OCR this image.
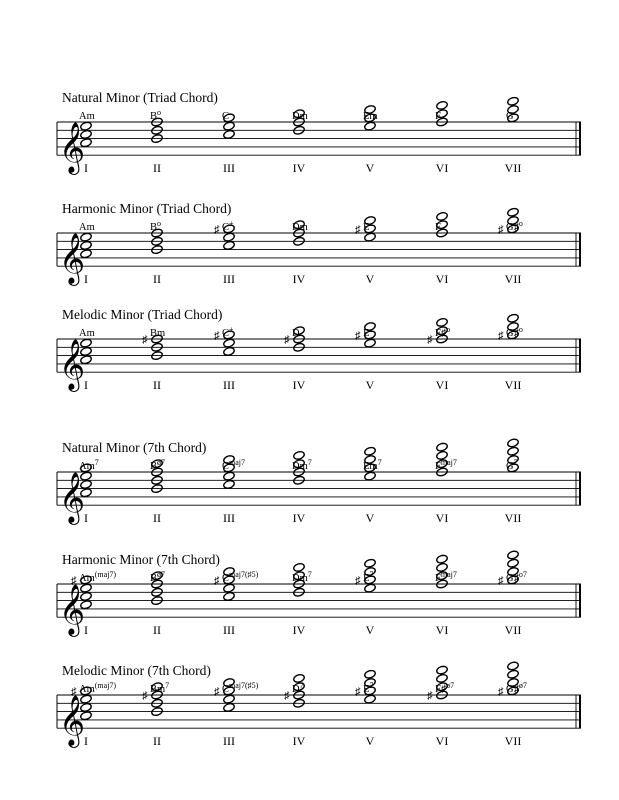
Natural Minor (Triad Chord)
𝄞
Am
I
$B^o$
II
C
III
Dm
IV
Em
V
F
VI
G
VII
Harmonic Minor (Triad Chord)
𝄞
Am
I
$B^o$
II
C+
♯
III
Dm
IV
E
♯
V
F
VI
G♯$^o$
♯
VII
Melodic Minor (Triad Chord)
𝄞
Am
I
Bm
♯
II
C+
♯
III
D
♯
IV
E
♯
V
F♯$^o$
♯
VI
G♯$^o$
♯
VII
Natural Minor (7th Chord)
𝄞
Am$^7$
I
$B^{ø7}$
II
$C^{maj7}$
III
Dm$^7$
IV
Em$^7$
V
$F^{maj7}$
VI
$G^7$
VII
Harmonic Minor (7th Chord)
𝄞
$Am^{(maj7)}$
♯
I
$B^{ø7}$
II
$C^{maj7(♯5)}$
♯
III
Dm$^7$
IV
$E^7$
♯
V
$F^{maj7}$
VI
G♯$^{o7}$
♯
VII
Melodic Minor (7th Chord)
𝄞
$Am^{(maj7)}$
♯
I
Bm$^7$
♯
II
$C^{maj7(♯5)}$
♯
III
$D^7$
♯
IV
$E^7$
♯
V
F♯$^{ø7}$
♯
VI
G♯$^{ø7}$
♯
VII
